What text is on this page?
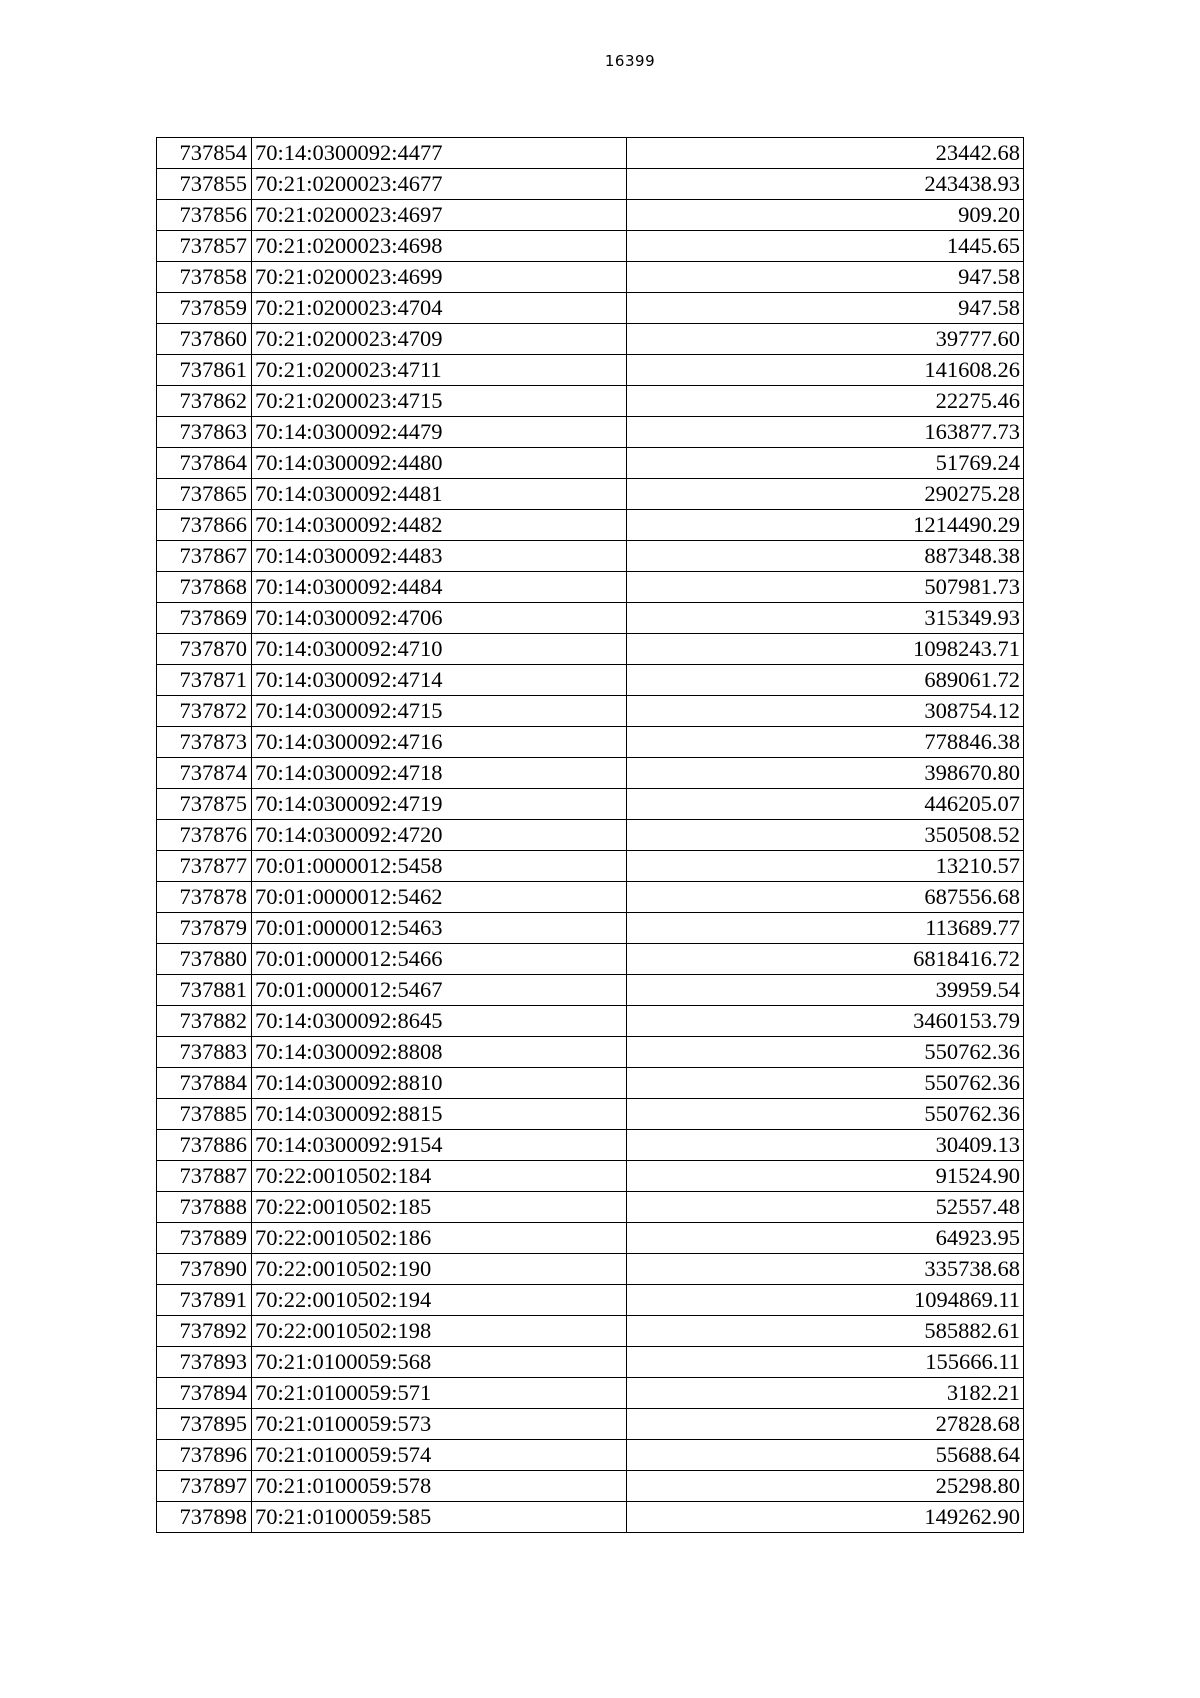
16399
737854	70:14:0300092:4477	23442.68
737855	70:21:0200023:4677	243438.93
737856	70:21:0200023:4697	909.20
737857	70:21:0200023:4698	1445.65
737858	70:21:0200023:4699	947.58
737859	70:21:0200023:4704	947.58
737860	70:21:0200023:4709	39777.60
737861	70:21:0200023:4711	141608.26
737862	70:21:0200023:4715	22275.46
737863	70:14:0300092:4479	163877.73
737864	70:14:0300092:4480	51769.24
737865	70:14:0300092:4481	290275.28
737866	70:14:0300092:4482	1214490.29
737867	70:14:0300092:4483	887348.38
737868	70:14:0300092:4484	507981.73
737869	70:14:0300092:4706	315349.93
737870	70:14:0300092:4710	1098243.71
737871	70:14:0300092:4714	689061.72
737872	70:14:0300092:4715	308754.12
737873	70:14:0300092:4716	778846.38
737874	70:14:0300092:4718	398670.80
737875	70:14:0300092:4719	446205.07
737876	70:14:0300092:4720	350508.52
737877	70:01:0000012:5458	13210.57
737878	70:01:0000012:5462	687556.68
737879	70:01:0000012:5463	113689.77
737880	70:01:0000012:5466	6818416.72
737881	70:01:0000012:5467	39959.54
737882	70:14:0300092:8645	3460153.79
737883	70:14:0300092:8808	550762.36
737884	70:14:0300092:8810	550762.36
737885	70:14:0300092:8815	550762.36
737886	70:14:0300092:9154	30409.13
737887	70:22:0010502:184	91524.90
737888	70:22:0010502:185	52557.48
737889	70:22:0010502:186	64923.95
737890	70:22:0010502:190	335738.68
737891	70:22:0010502:194	1094869.11
737892	70:22:0010502:198	585882.61
737893	70:21:0100059:568	155666.11
737894	70:21:0100059:571	3182.21
737895	70:21:0100059:573	27828.68
737896	70:21:0100059:574	55688.64
737897	70:21:0100059:578	25298.80
737898	70:21:0100059:585	149262.90
